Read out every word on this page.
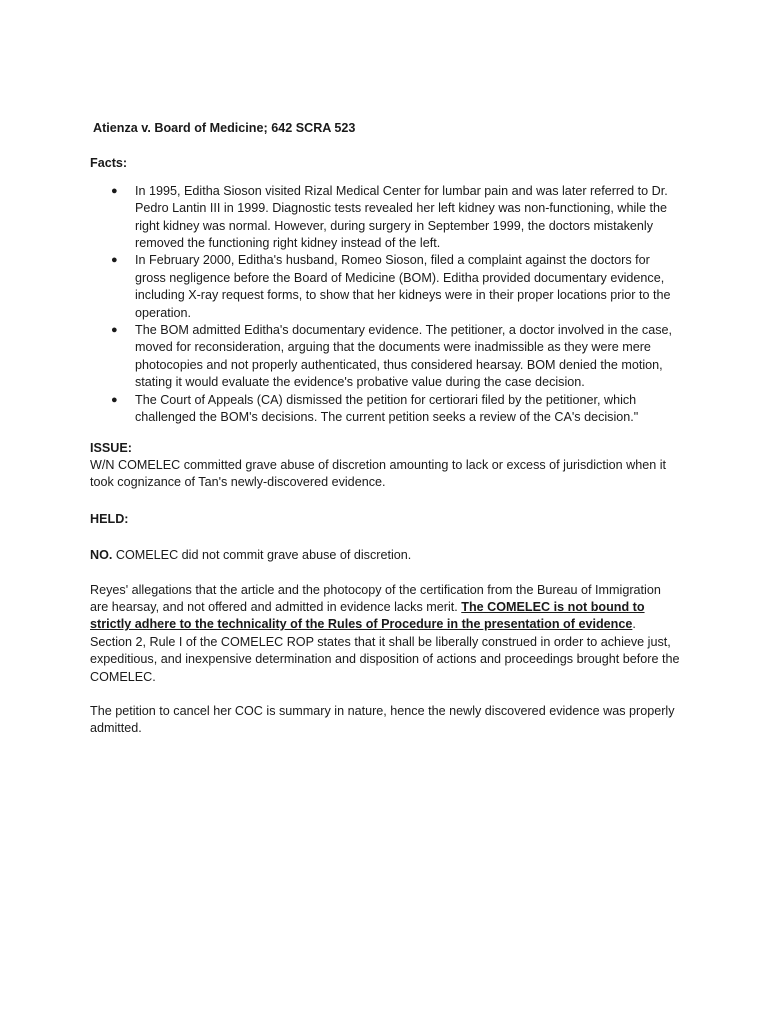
Atienza v. Board of Medicine; 642 SCRA 523

Facts:

● In 1995, Editha Sioson visited Rizal Medical Center for lumbar pain and was later referred to Dr. Pedro Lantin III in 1999. Diagnostic tests revealed her left kidney was non-functioning, while the right kidney was normal. However, during surgery in September 1999, the doctors mistakenly removed the functioning right kidney instead of the left.
● In February 2000, Editha's husband, Romeo Sioson, filed a complaint against the doctors for gross negligence before the Board of Medicine (BOM). Editha provided documentary evidence, including X-ray request forms, to show that her kidneys were in their proper locations prior to the operation.
● The BOM admitted Editha's documentary evidence. The petitioner, a doctor involved in the case, moved for reconsideration, arguing that the documents were inadmissible as they were mere photocopies and not properly authenticated, thus considered hearsay. BOM denied the motion, stating it would evaluate the evidence's probative value during the case decision.
● The Court of Appeals (CA) dismissed the petition for certiorari filed by the petitioner, which challenged the BOM's decisions. The current petition seeks a review of the CA's decision."

ISSUE:

W/N COMELEC committed grave abuse of discretion amounting to lack or excess of jurisdiction when it took cognizance of Tan's newly-discovered evidence.

HELD:

NO. COMELEC did not commit grave abuse of discretion.

Reyes' allegations that the article and the photocopy of the certification from the Bureau of Immigration are hearsay, and not offered and admitted in evidence lacks merit. The COMELEC is not bound to strictly adhere to the technicality of the Rules of Procedure in the presentation of evidence. Section 2, Rule I of the COMELEC ROP states that it shall be liberally construed in order to achieve just, expeditious, and inexpensive determination and disposition of actions and proceedings brought before the COMELEC.

The petition to cancel her COC is summary in nature, hence the newly discovered evidence was properly admitted.
